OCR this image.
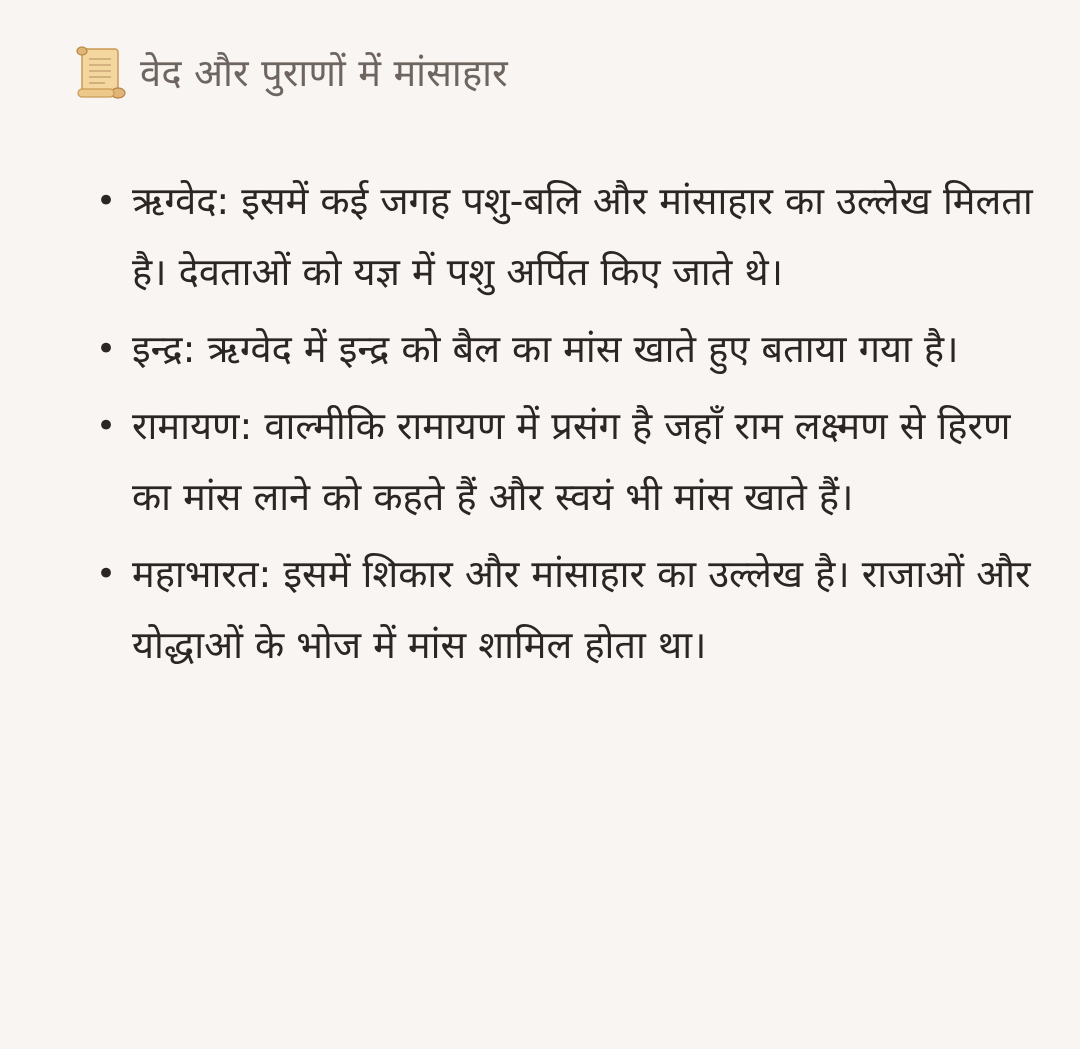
वेद और पुराणों में मांसाहार
• ऋग्वेद: इसमें कई जगह पशु-बलि और मांसाहार का उल्लेख मिलता है। देवताओं को यज्ञ में पशु अर्पित किए जाते थे।
• इन्द्र: ऋग्वेद में इन्द्र को बैल का मांस खाते हुए बताया गया है।
• रामायण: वाल्मीकि रामायण में प्रसंग है जहाँ राम लक्ष्मण से हिरण का मांस लाने को कहते हैं और स्वयं भी मांस खाते हैं।
• महाभारत: इसमें शिकार और मांसाहार का उल्लेख है। राजाओं और योद्धाओं के भोज में मांस शामिल होता था।
